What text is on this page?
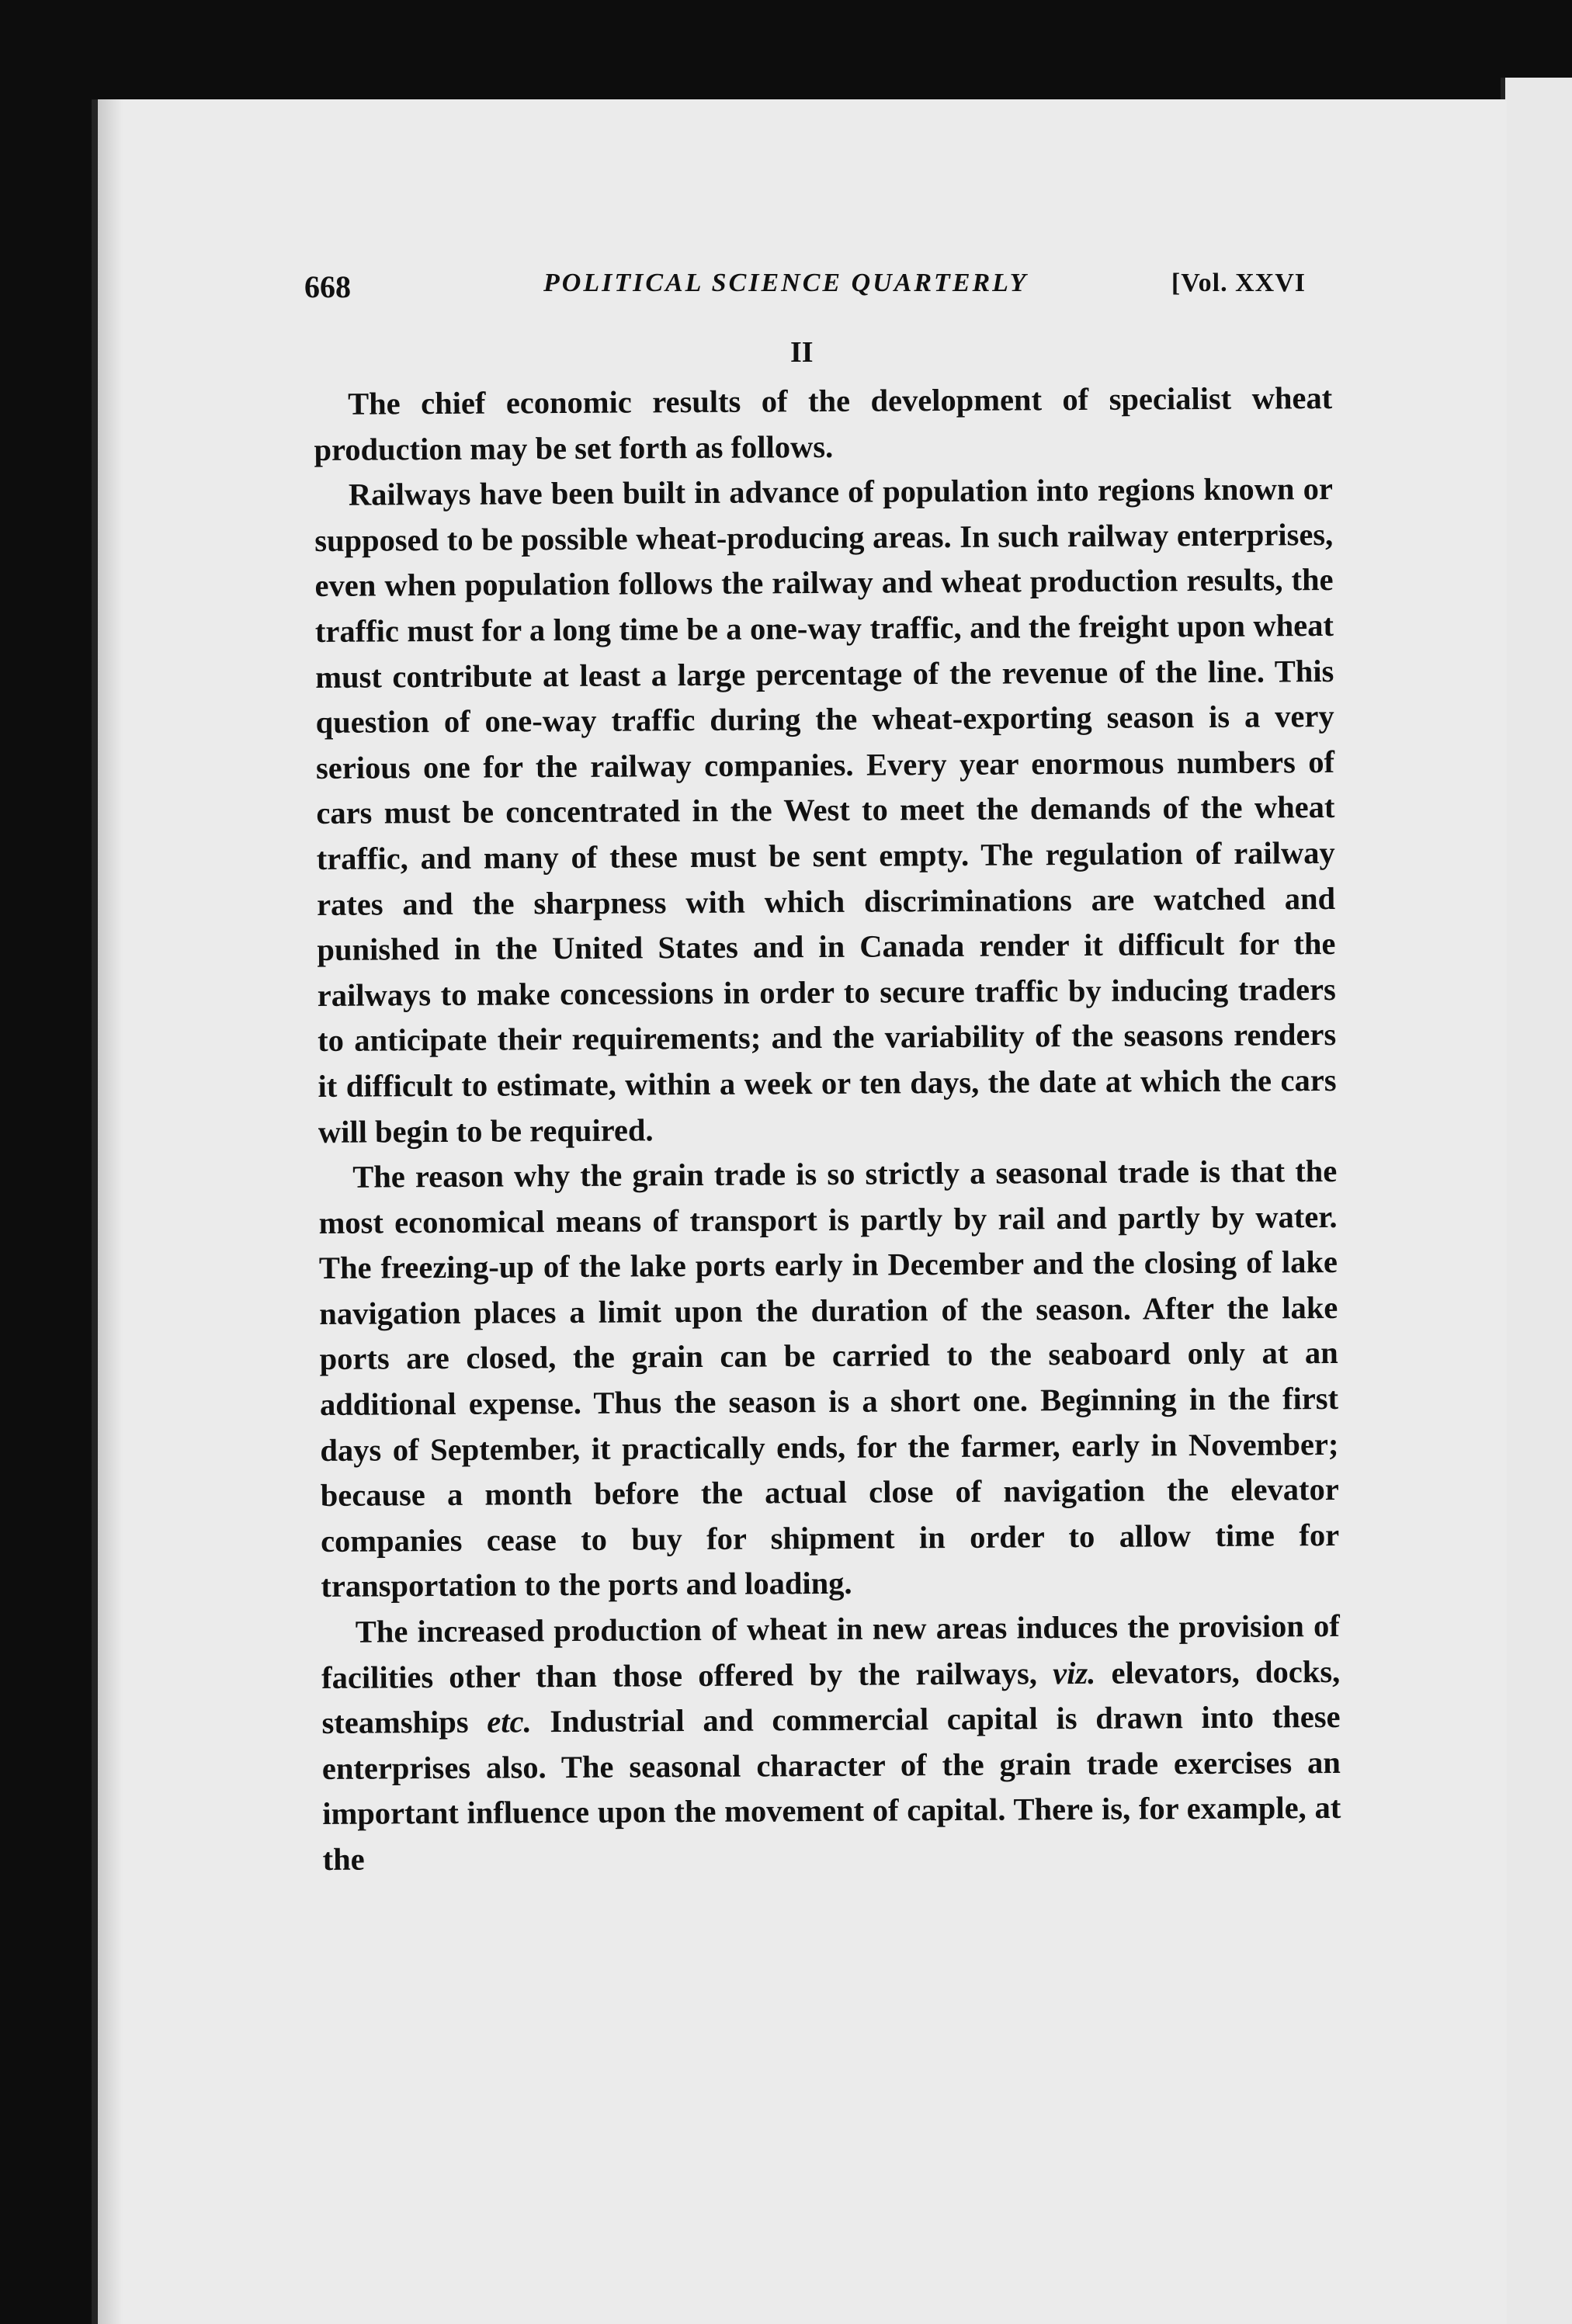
668	POLITICAL SCIENCE QUARTERLY	[Vol. XXVI
II

The chief economic results of the development of specialist wheat production may be set forth as follows.

Railways have been built in advance of population into regions known or supposed to be possible wheat-producing areas. In such railway enterprises, even when population follows the railway and wheat production results, the traffic must for a long time be a one-way traffic, and the freight upon wheat must contribute at least a large percentage of the revenue of the line. This question of one-way traffic during the wheat-exporting season is a very serious one for the railway companies. Every year enormous numbers of cars must be concentrated in the West to meet the demands of the wheat traffic, and many of these must be sent empty. The regulation of railway rates and the sharpness with which discriminations are watched and punished in the United States and in Canada render it difficult for the railways to make concessions in order to secure traffic by inducing traders to anticipate their requirements; and the variability of the seasons renders it difficult to estimate, within a week or ten days, the date at which the cars will begin to be required.

The reason why the grain trade is so strictly a seasonal trade is that the most economical means of transport is partly by rail and partly by water. The freezing-up of the lake ports early in December and the closing of lake navigation places a limit upon the duration of the season. After the lake ports are closed, the grain can be carried to the seaboard only at an additional expense. Thus the season is a short one. Beginning in the first days of September, it practically ends, for the farmer, early in November; because a month before the actual close of navigation the elevator companies cease to buy for shipment in order to allow time for transportation to the ports and loading.

The increased production of wheat in new areas induces the provision of facilities other than those offered by the railways, viz. elevators, docks, steamships etc. Industrial and commercial capital is drawn into these enterprises also. The seasonal character of the grain trade exercises an important influence upon the movement of capital. There is, for example, at the
